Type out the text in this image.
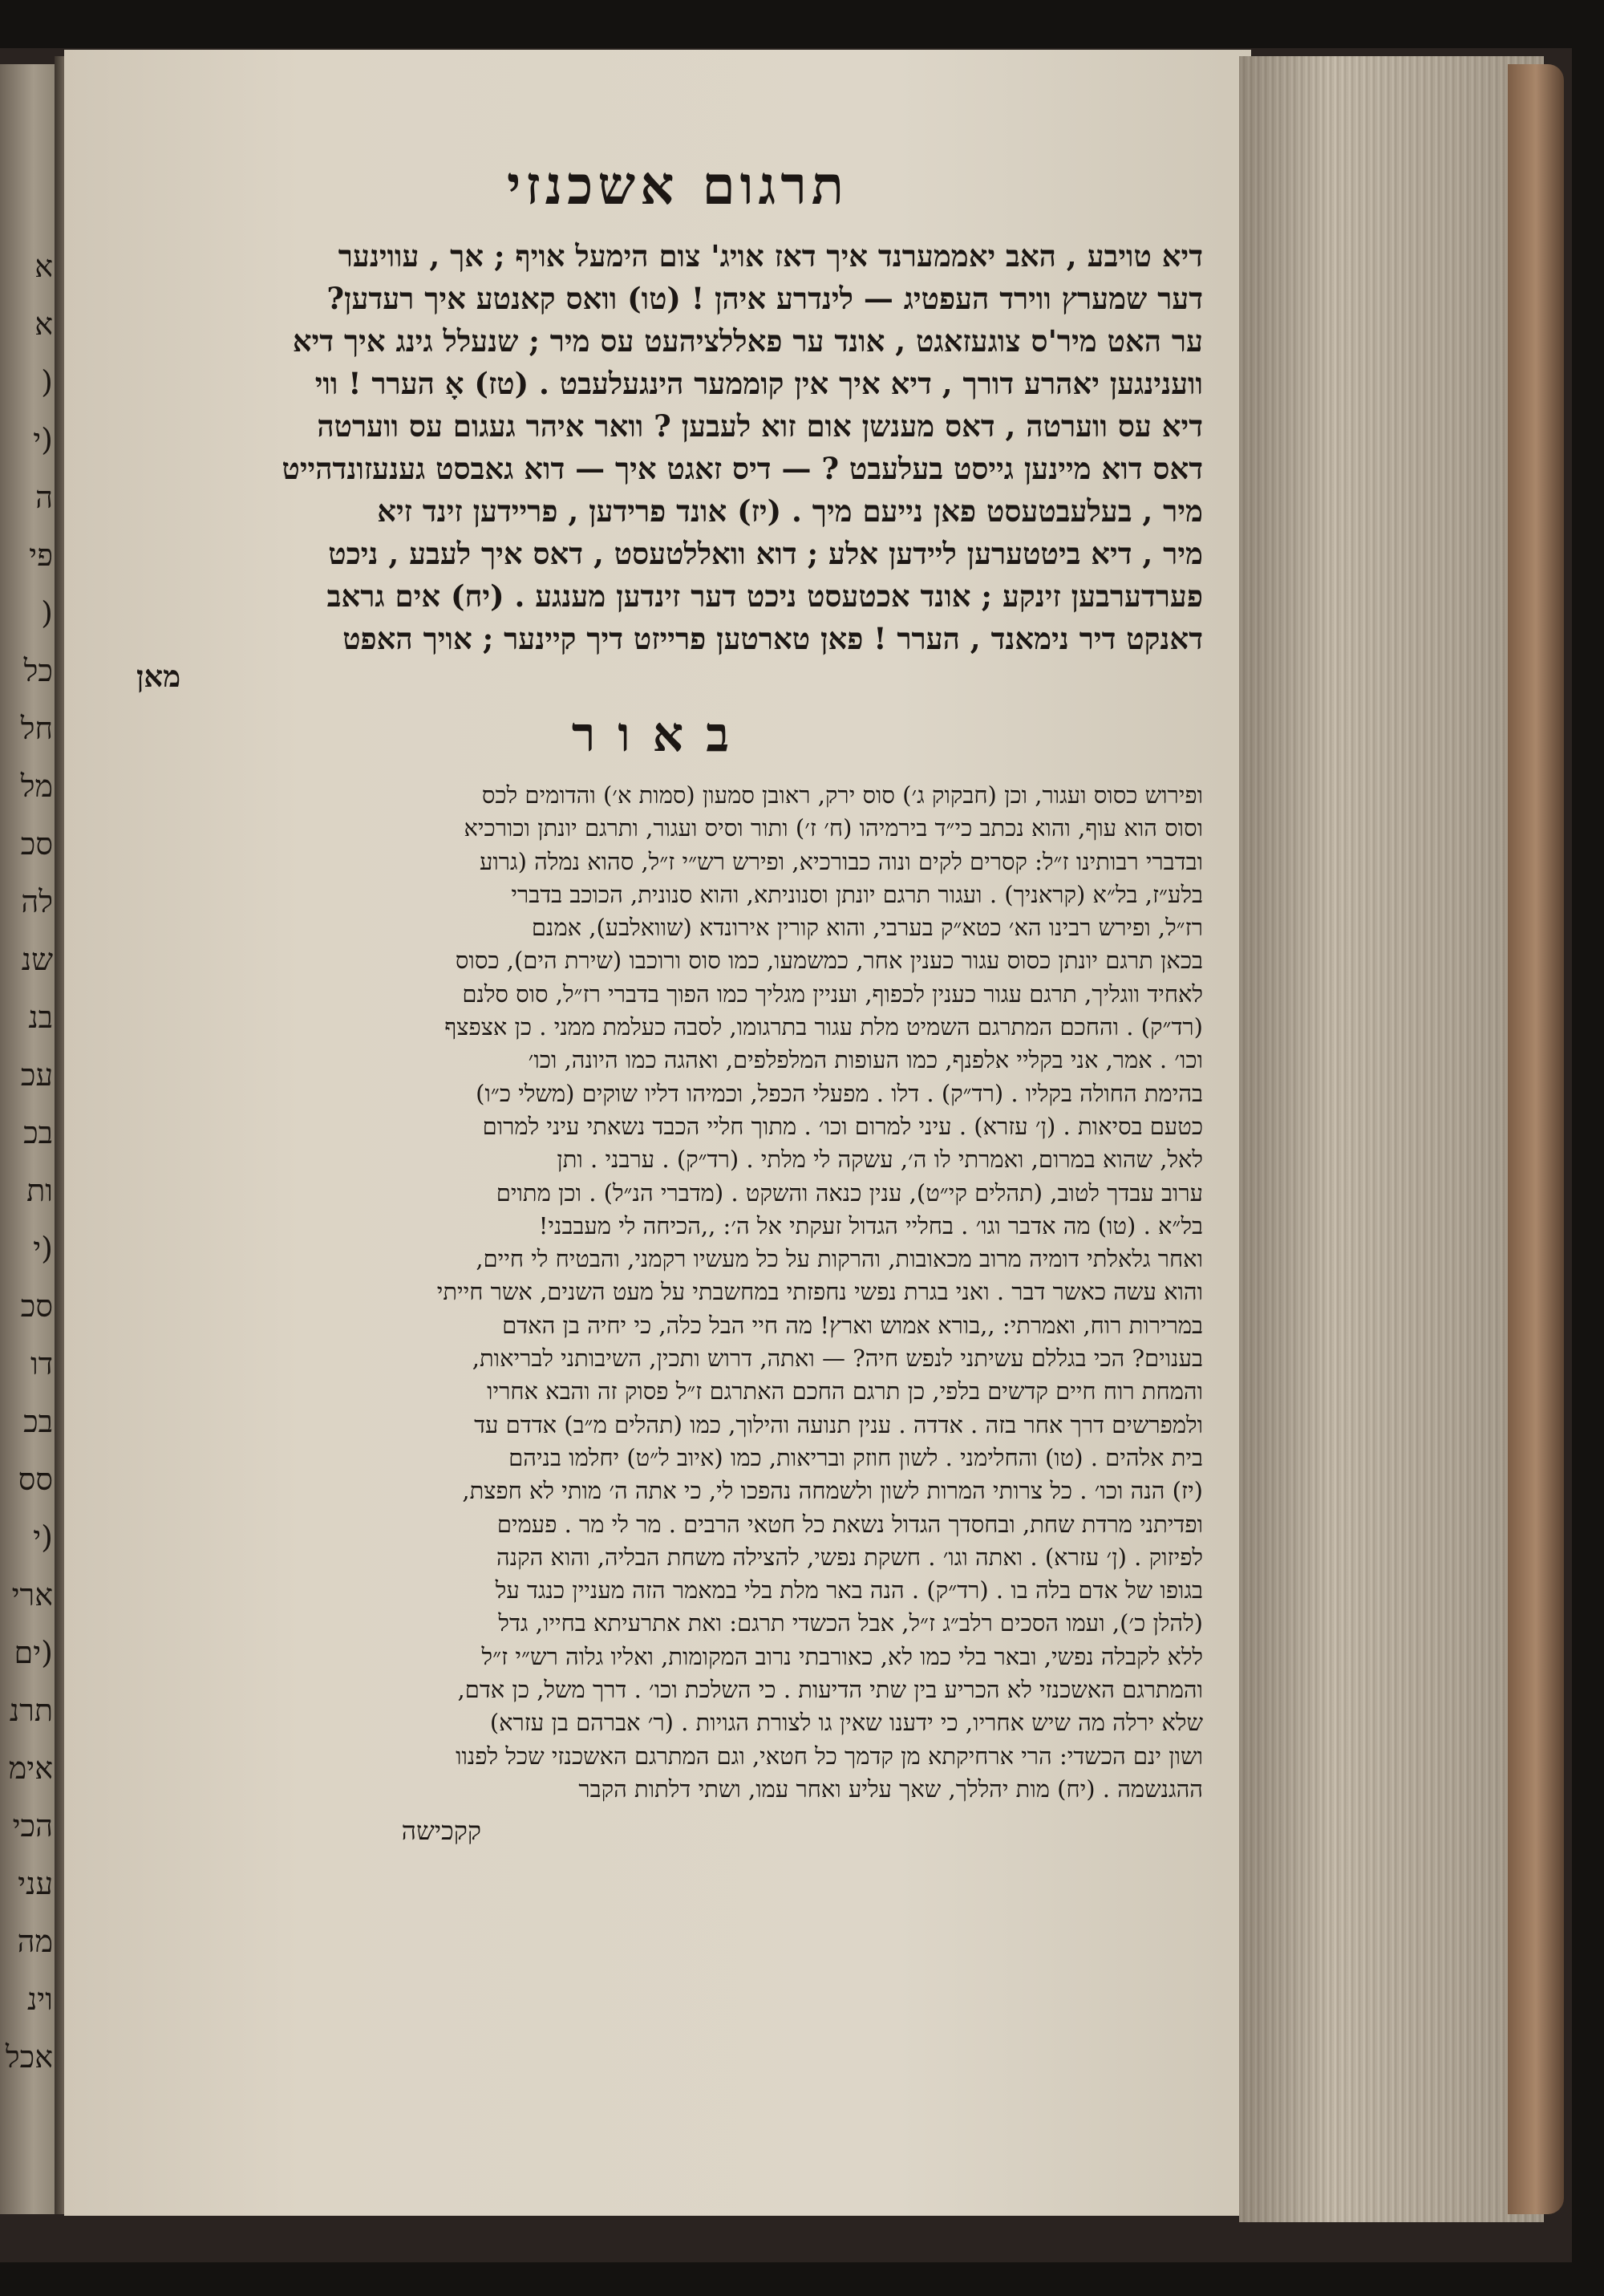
א
א
(
(י
ה
פי
(
כל
חל
מל
סכ
לה
שנ
בנ
עכ
בכ
ות
(י
סכ
דו
בכ
סס
(י
ארי
(ים
תרנ
אימ
הכי
עני
מה
וינ
אכל
תרגום אשכנזי
דיא טויבע , האב יאממערנד איך דאז אויג' צום הימעל אויף ; אך , עווינער
דער שמערץ ווירד העפטיג — לינדרע איהן ! (טו) וואס קאנטע איך רעדען?
ער האט מיר'ס צוגעזאגט , אונד ער פאללציהעט עס מיר ; שנעלל גינג איך דיא
ווענינגען יאהרע דורך , דיא איך אין קוממער הינגעלעבט . (טז) אָ הערר ! ווי
דיא עס ווערטה , דאס מענשן אום זוא לעבען ? וואר איהר געגום עס ווערטה
דאס דוא מיינען גייסט בעלעבט ? — דיס זאגט איך — דוא גאבסט גענעזונדהייט
מיר , בעלעבטעסט פאן נייעם מיך . (יז) אונד פרידען , פריידען זינד זיא
מיר , דיא ביטטערען ליידען אלע ; דוא וואללטעסט , דאס איך לעבע , ניכט
פערדערבען זינקע ; אונד אכטעסט ניכט דער זינדען מענגע . (יח) אים גראב
דאנקט דיר נימאנד , הערר ! פאן טארטען פרייזט דיך קיינער ; אויך האפט
מאן
באור
ופירוש כסוס ועגור, וכן (חבקוק ג׳) סוס ירק, ראובן סמעון (סמות א׳) והדומים לכס
וסוס הוא עוף, והוא נכתב כי״ד בירמיהו (ח׳ ז׳) ותור וסיס ועגור, ותרגם יונתן וכורכיא
ובדברי רבותינו ז״ל: קסרים לקים ונוה כבורכיא, ופירש רש״י ז״ל, סהוא נמלה (גרוע
בלע״ז, בל״א (קראניך) . ועגור תרגם יונתן וסנוניתא, והוא סנונית, הכוכב בדברי
רז״ל, ופירש רבינו הא׳ כטא״ק בערבי, והוא קורין אירונדא (שוואלבע), אמנם
בכאן תרגם יונתן כסוס עגור כענין אחר, כמשמעו, כמו סוס ורוכבו (שירת הים), כסוס
לאחיד ווגליך, תרגם עגור כענין לכפוף, ועניין מגליך כמו הפוך בדברי רז״ל, סוס סלנם
(רד״ק) . והחכם המתרגם השמיט מלת עגור בתרגומו, לסבה כעלמת ממני . כן אצפצף
וכו׳ . אמר, אני בקליי אלפנף, כמו העופות המלפלפים, ואהגה כמו היונה, וכו׳
בהימת החולה בקליו . (רד״ק) . דלו . מפעלי הכפל, וכמיהו דליו שוקים (משלי כ״ו)
כטעם בסיאות . (ן׳ עזרא) . עיני למרום וכו׳ . מתוך חליי הכבד נשאתי עיני למרום
לאל, שהוא במרום, ואמרתי לו ה׳, עשקה לי מלתי . (רד״ק) . ערבני . ותן
ערוב עבדך לטוב, (תהלים קי״ט), ענין כנאה והשקט . (מדברי הנ״ל) . וכן מתוים
בל״א . (טו) מה אדבר וגו׳ . בחליי הגדול זעקתי אל ה׳: ,,הכיחה לי מעבבני!
ואחר גלאלתי דומיה מרוב מכאובות, והרקות על כל מעשיו רקמני, והבטיח לי חיים,
והוא עשה כאשר דבר . ואני בגרת נפשי נחפזתי במחשבתי על מעט השנים, אשר חייתי
במרירות רוח, ואמרתי: ,,בורא אמוש וארץ! מה חיי הבל כלה, כי יחיה בן האדם
בענוים? הכי בגללם עשיתני לנפש חיה? — ואתה, דרוש ותכין, השיבותני לבריאות,
והמחת רוח חיים קדשים בלפי, כן תרגם החכם האתרגם ז״ל פסוק זה והבא אחריו
ולמפרשים דרך אחר בזה . אדדה . ענין תנועה והילוך, כמו (תהלים מ״ב) אדדם עד
בית אלהים . (טו) והחלימני . לשון חוזק ובריאות, כמו (איוב ל״ט) יחלמו בניהם
(יז) הנה וכו׳ . כל צרותי המרות לשון ולשמחה נהפכו לי, כי אתה ה׳ מותי לא חפצת,
ופדיתני מרדת שחת, ובחסדך הגדול נשאת כל חטאי הרבים . מר לי מר . פעמים
לפיזוק . (ן׳ עזרא) . ואתה וגו׳ . חשקת נפשי, להצילה משחת הבליה, והוא הקנה
בגופו של אדם בלה בו . (רד״ק) . הנה באר מלת בלי במאמר הזה מעניין כנגד על
(להלן כ׳), ועמו הסכים רלב״ג ז״ל, אבל הכשדי תרגם: ואת אתרעיתא בחייו, גדל
ללא לקבלה נפשי, ובאר בלי כמו לא, כאורבתי נרוב המקומות, ואליו גלוה רש״י ז״ל
והמתרגם האשכנזי לא הכריע בין שתי הדיעות . כי השלכת וכו׳ . דרך משל, כן אדם,
שלא ירלה מה שיש אחריו, כי ידענו שאין גו לצורת הגויות . (ר׳ אברהם בן עזרא)
ושון ינם הכשדי: הרי ארחיקתא מן קדמך כל חטאי, וגם המתרגם האשכנזי שכל לפנוו
ההגנשמה . (יח) מות יהללך, שאך עליע ואחר עמו, ושתי דלתות הקבר
קקכישה
